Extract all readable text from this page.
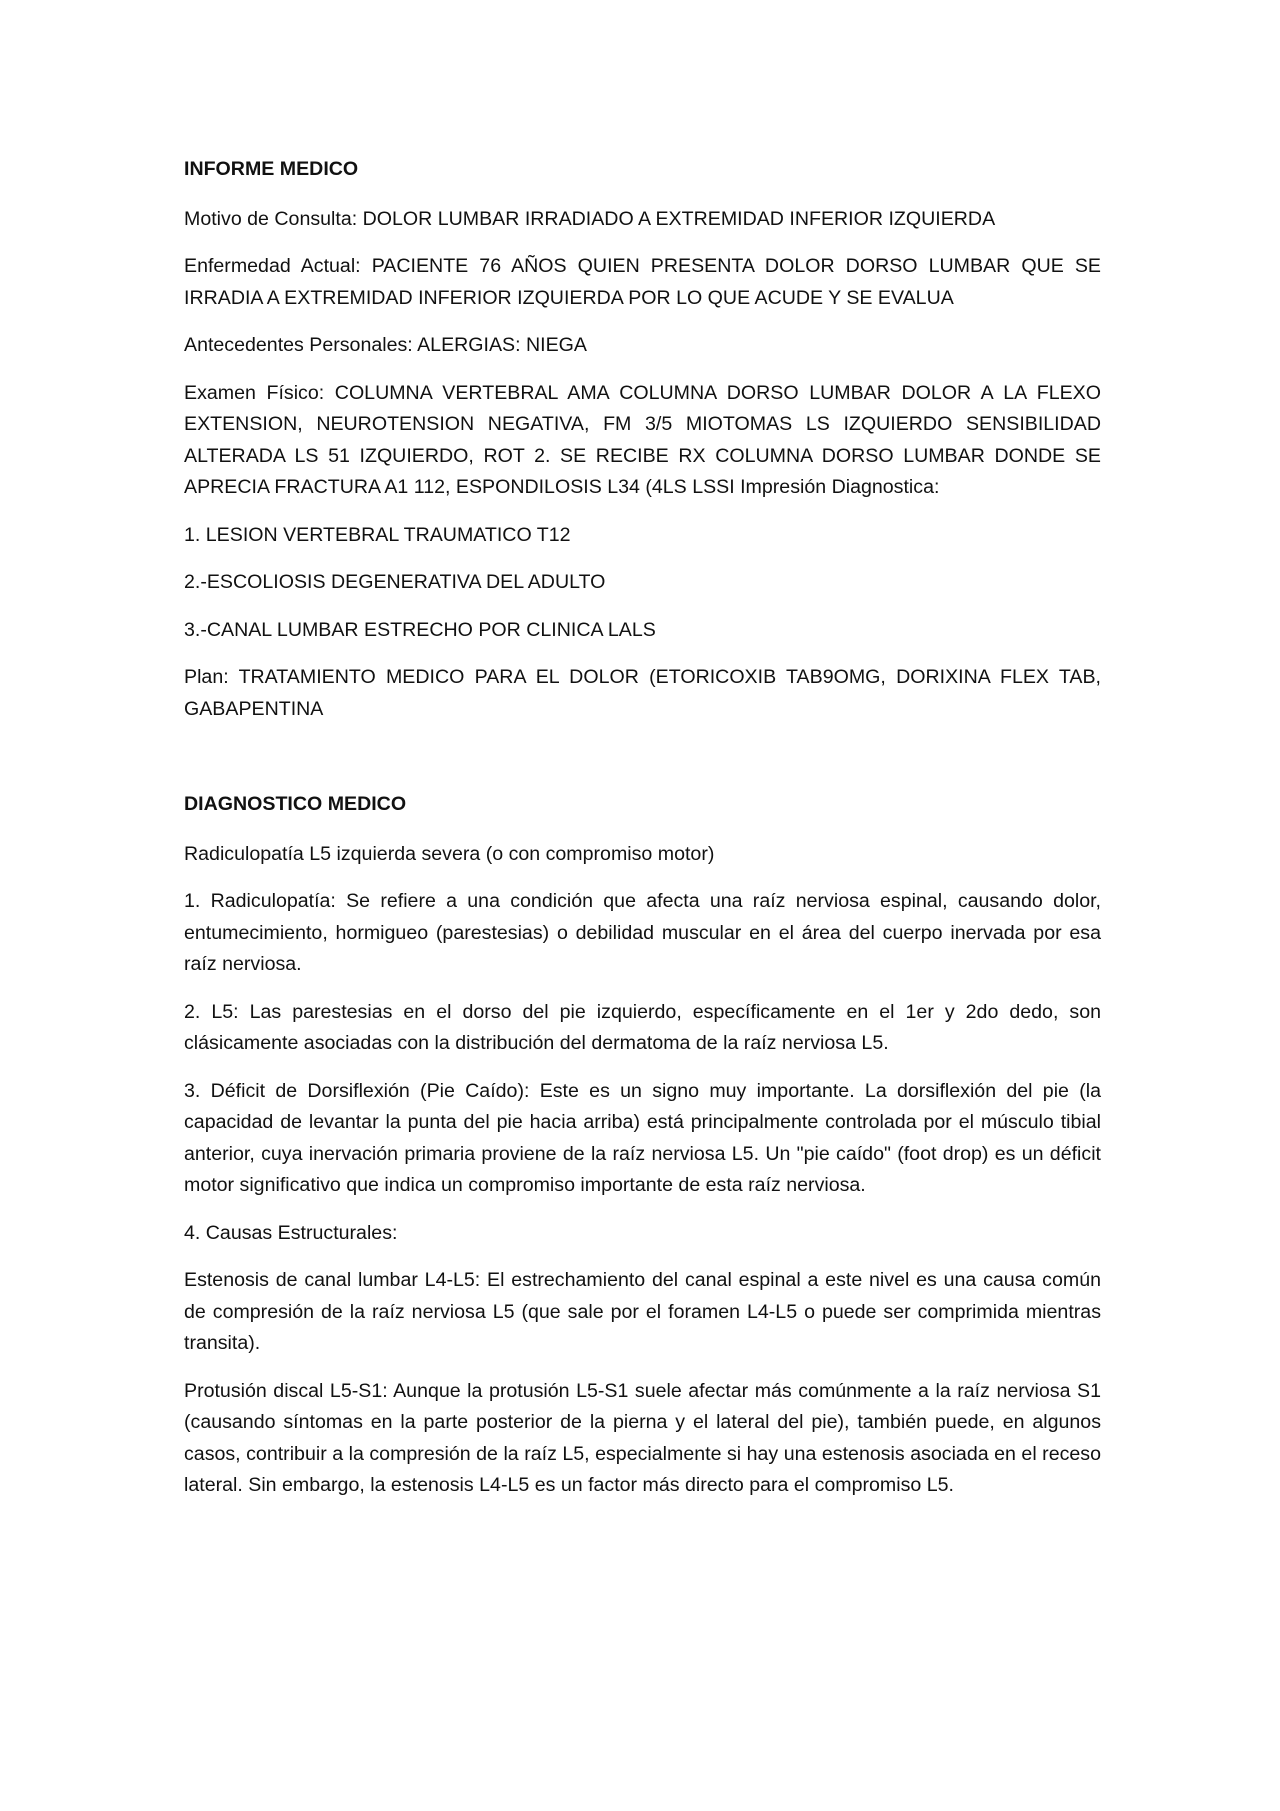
INFORME MEDICO

Motivo de Consulta: DOLOR LUMBAR IRRADIADO A EXTREMIDAD INFERIOR IZQUIERDA

Enfermedad Actual: PACIENTE 76 AÑOS QUIEN PRESENTA DOLOR DORSO LUMBAR QUE SE IRRADIA A EXTREMIDAD INFERIOR IZQUIERDA POR LO QUE ACUDE Y SE EVALUA

Antecedentes Personales: ALERGIAS: NIEGA

Examen Físico: COLUMNA VERTEBRAL AMA COLUMNA DORSO LUMBAR DOLOR A LA FLEXO EXTENSION, NEUROTENSION NEGATIVA, FM 3/5 MIOTOMAS LS IZQUIERDO SENSIBILIDAD ALTERADA LS 51 IZQUIERDO, ROT 2. SE RECIBE RX COLUMNA DORSO LUMBAR DONDE SE APRECIA FRACTURA A1 112, ESPONDILOSIS L34 (4LS LSSI Impresión Diagnostica:

1. LESION VERTEBRAL TRAUMATICO T12

2.-ESCOLIOSIS DEGENERATIVA DEL ADULTO

3.-CANAL LUMBAR ESTRECHO POR CLINICA LALS

Plan: TRATAMIENTO MEDICO PARA EL DOLOR (ETORICOXIB TAB9OMG, DORIXINA FLEX TAB, GABAPENTINA

DIAGNOSTICO MEDICO

Radiculopatía L5 izquierda severa (o con compromiso motor)

1. Radiculopatía: Se refiere a una condición que afecta una raíz nerviosa espinal, causando dolor, entumecimiento, hormigueo (parestesias) o debilidad muscular en el área del cuerpo inervada por esa raíz nerviosa.

2. L5: Las parestesias en el dorso del pie izquierdo, específicamente en el 1er y 2do dedo, son clásicamente asociadas con la distribución del dermatoma de la raíz nerviosa L5.

3. Déficit de Dorsiflexión (Pie Caído): Este es un signo muy importante. La dorsiflexión del pie (la capacidad de levantar la punta del pie hacia arriba) está principalmente controlada por el músculo tibial anterior, cuya inervación primaria proviene de la raíz nerviosa L5. Un "pie caído" (foot drop) es un déficit motor significativo que indica un compromiso importante de esta raíz nerviosa.

4. Causas Estructurales:

Estenosis de canal lumbar L4-L5: El estrechamiento del canal espinal a este nivel es una causa común de compresión de la raíz nerviosa L5 (que sale por el foramen L4-L5 o puede ser comprimida mientras transita).

Protusión discal L5-S1: Aunque la protusión L5-S1 suele afectar más comúnmente a la raíz nerviosa S1 (causando síntomas en la parte posterior de la pierna y el lateral del pie), también puede, en algunos casos, contribuir a la compresión de la raíz L5, especialmente si hay una estenosis asociada en el receso lateral. Sin embargo, la estenosis L4-L5 es un factor más directo para el compromiso L5.
